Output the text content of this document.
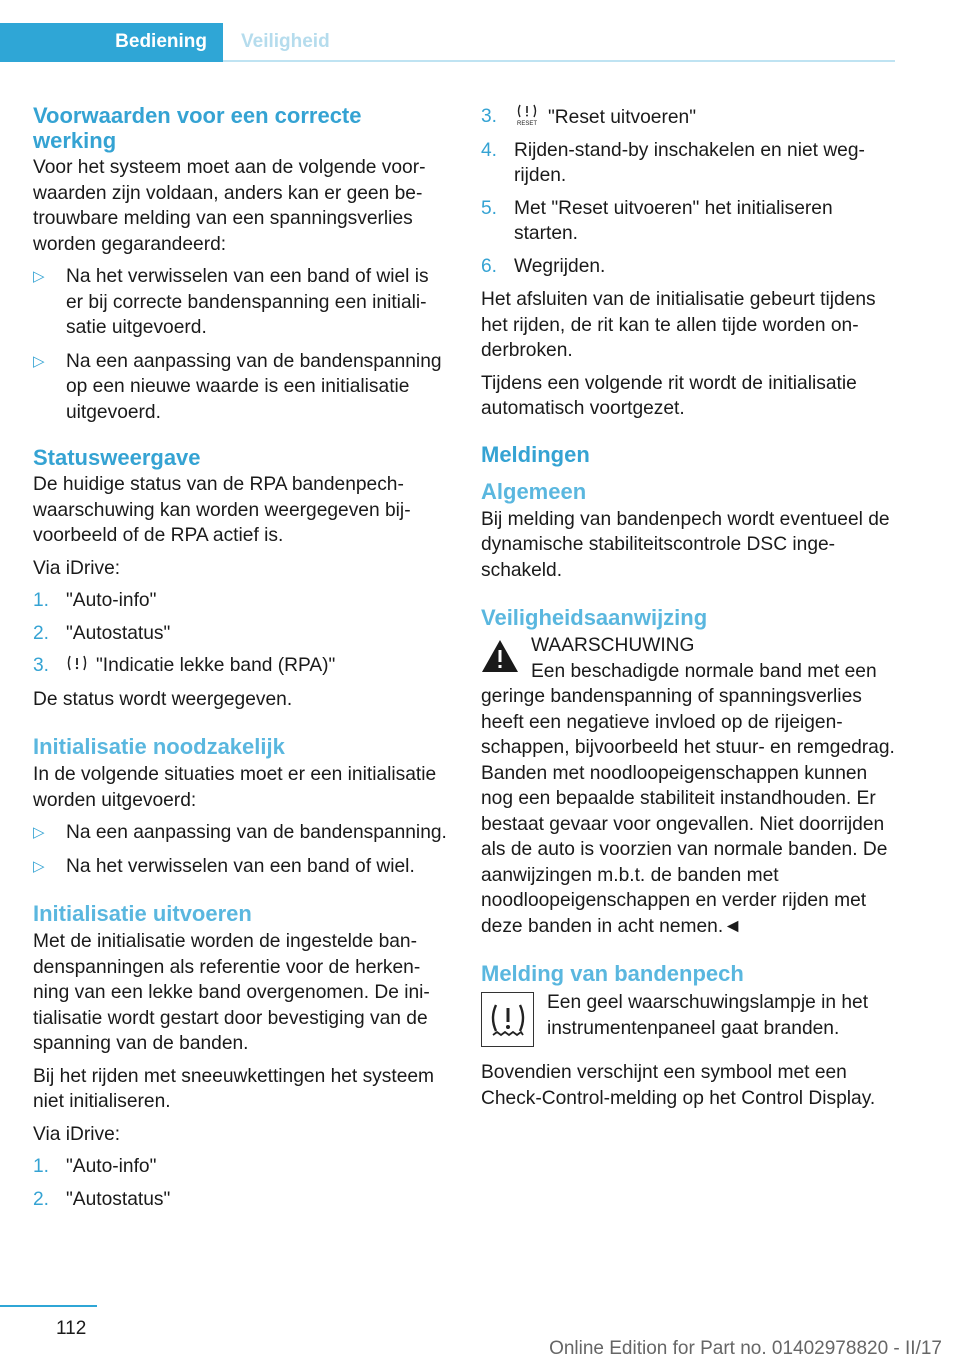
Bediening Veiligheid
Voorwaarden voor een correcte werking

Voor het systeem moet aan de volgende voorwaarden zijn voldaan, anders kan er geen betrouwbare melding van een spanningsverlies worden gegarandeerd:

▷ Na het verwisselen van een band of wiel is er bij correcte bandenspanning een initialisatie uitgevoerd.
▷ Na een aanpassing van de bandenspanning op een nieuwe waarde is een initialisatie uitgevoerd.
Statusweergave

De huidige status van de RPA bandenpechwaarschuwing kan worden weergegeven bijvoorbeeld of de RPA actief is.

Via iDrive:

1. "Auto-info"
2. "Autostatus"
3. "Indicatie lekke band (RPA)"

De status wordt weergegeven.

Initialisatie noodzakelijk

In de volgende situaties moet er een initialisatie worden uitgevoerd:

▷ Na een aanpassing van de bandenspanning.
▷ Na het verwisselen van een band of wiel.
Initialisatie uitvoeren

Met de initialisatie worden de ingestelde bandenspanningen als referentie voor de herkenning van een lekke band overgenomen. De initialisatie wordt gestart door bevestiging van de spanning van de banden.

Bij het rijden met sneeuwkettingen het systeem niet initialiseren.

Via iDrive:

1. "Auto-info"
2. "Autostatus"
3.	RESET "Reset uitvoeren"
4. Rijden-stand-by inschakelen en niet wegrijden.
5. Met "Reset uitvoeren" het initialiseren starten.
6. Wegrijden.

Het afsluiten van de initialisatie gebeurt tijdens het rijden, de rit kan te allen tijde worden onderbroken.

Tijdens een volgende rit wordt de initialisatie automatisch voortgezet.

Meldingen
Algemeen

Bij melding van bandenpech wordt eventueel de dynamische stabiliteitscontrole DSC ingeschakeld.

Veiligheidsaanwijzing

WAARSCHUWING

Een beschadigde normale band met een geringe bandenspanning of spanningsverlies heeft een negatieve invloed op de rijeigenschappen, bijvoorbeeld het stuur- en remgedrag. Banden met noodloopeigenschappen kunnen nog een bepaalde stabiliteit instandhouden. Er bestaat gevaar voor ongevallen. Niet doorrijden als de auto is voorzien van normale banden. De aanwijzingen m.b.t. de banden met noodloopeigenschappen en verder rijden met deze banden in acht nemen.◄

Melding van bandenpech

Een geel waarschuwingslampje in het instrumentenpaneel gaat branden.

Bovendien verschijnt een symbool met een Check-Control-melding op het Control Display.

112
Online Edition for Part no. 01402978820 - II/17
